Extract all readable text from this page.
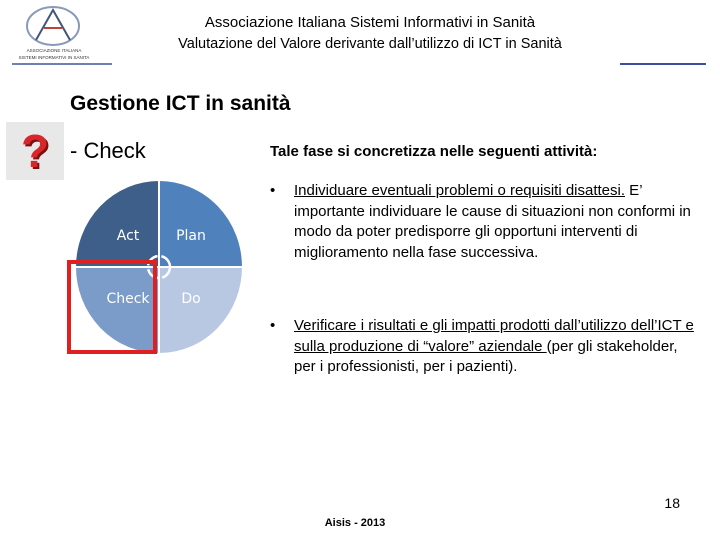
ASSOCIAZIONE ITALIANA
SISTEMI INFORMATIVI IN SANITA
Associazione Italiana Sistemi Informativi in Sanità
Valutazione del Valore derivante dall’utilizzo di ICT in Sanità
Gestione ICT in sanità
? - Check
Act	Plan
Check Do
Tale fase si concretizza nelle seguenti attività:
• Individuare eventuali problemi o requisiti disattesi. E’ importante individuare le cause di situazioni non conformi in modo da poter predisporre gli opportuni interventi di miglioramento nella fase successiva.
• Verificare i risultati e gli impatti prodotti dall’utilizzo dell’ICT e sulla produzione di “valore” aziendale (per gli stakeholder, per i professionisti, per i pazienti).
18
Aisis - 2013
